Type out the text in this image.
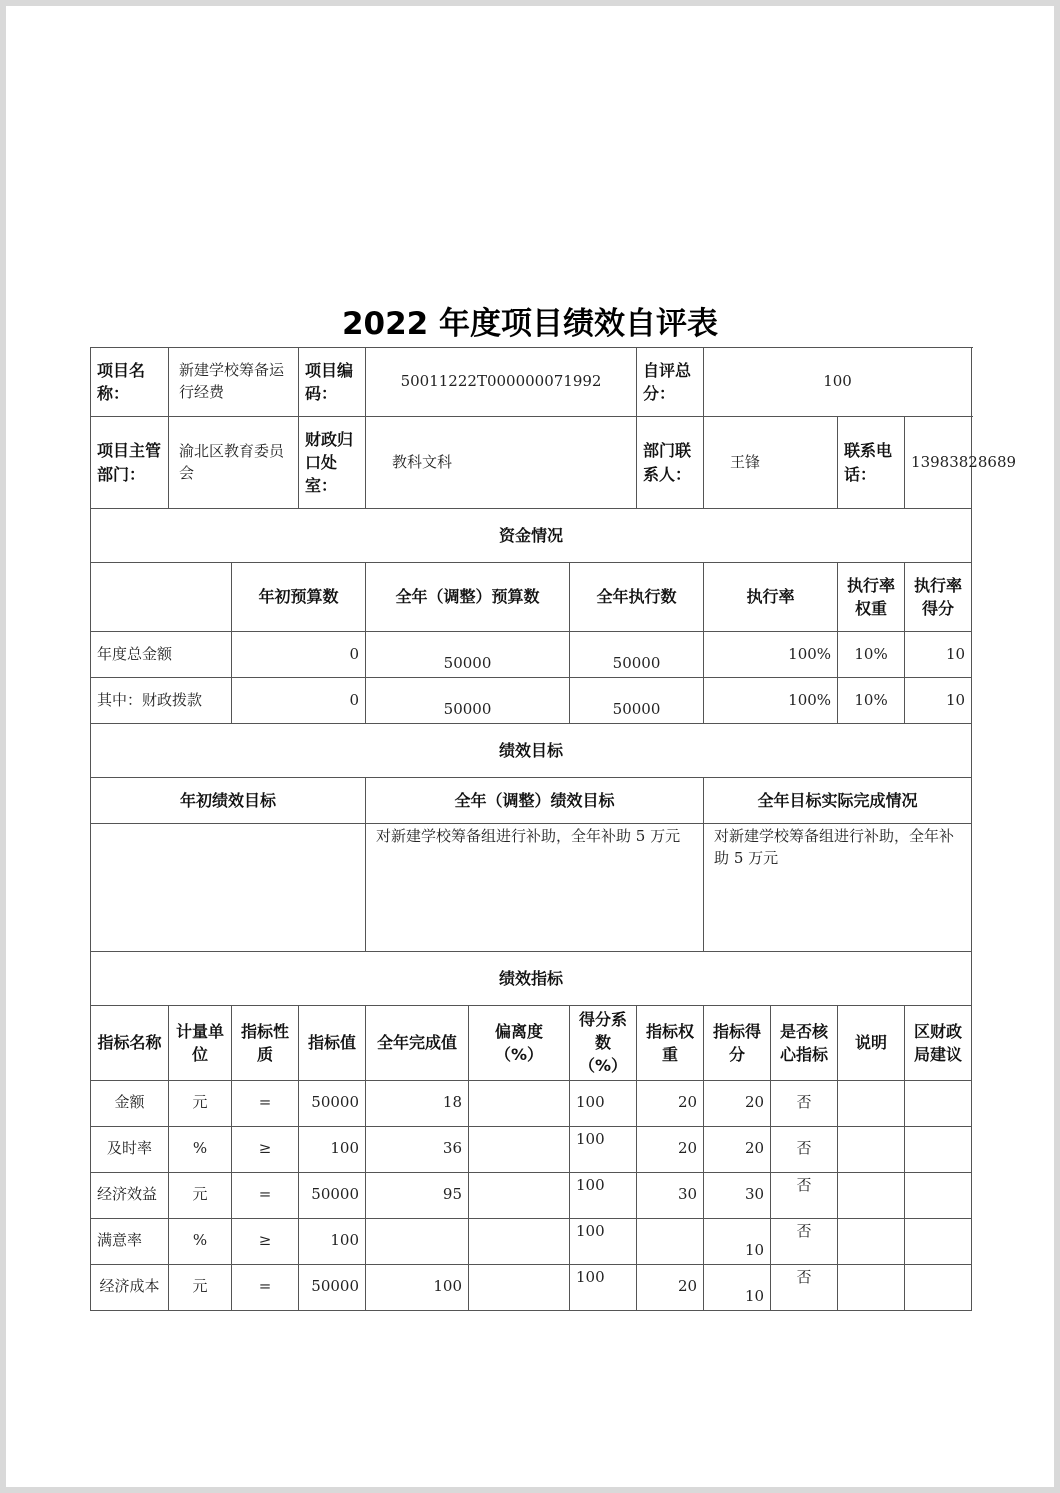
2022 年度项目绩效自评表
项目名称：	新建学校筹备运行经费		项目编码：	50011222T000000071992			自评总分：	100			
项目主管部门：	渝北区教育委员会		财政归口处室：	教科文科			部门联系人：	王锋		联系电话：	13983828689
资金情况											
		年初预算数		全年（调整）预算数		全年执行数		执行率		执行率权重	执行率得分
年度总金额		0		50000		50000		100%		10%	10
其中：财政拨款		0		50000		50000		100%		10%	10
绩效目标											
年初绩效目标				全年（调整）绩效目标				全年目标实际完成情况			
				对新建学校筹备组进行补助，全年补助 5 万元				对新建学校筹备组进行补助，全年补助 5 万元			
绩效指标											
指标名称	计量单位	指标性质	指标值	全年完成值	偏离度（%）	得分系数（%）	指标权重	指标得分	是否核心指标	说明	区财政局建议
金额	元	=	50000	18		100	20	20	否		
及时率	%	≥	100	36		100	20	20	否		
经济效益	元	=	50000	95		100	30	30	否		
满意率	%	≥	100			100		10	否		
经济成本	元	=	50000	100		100	20	10	否		
